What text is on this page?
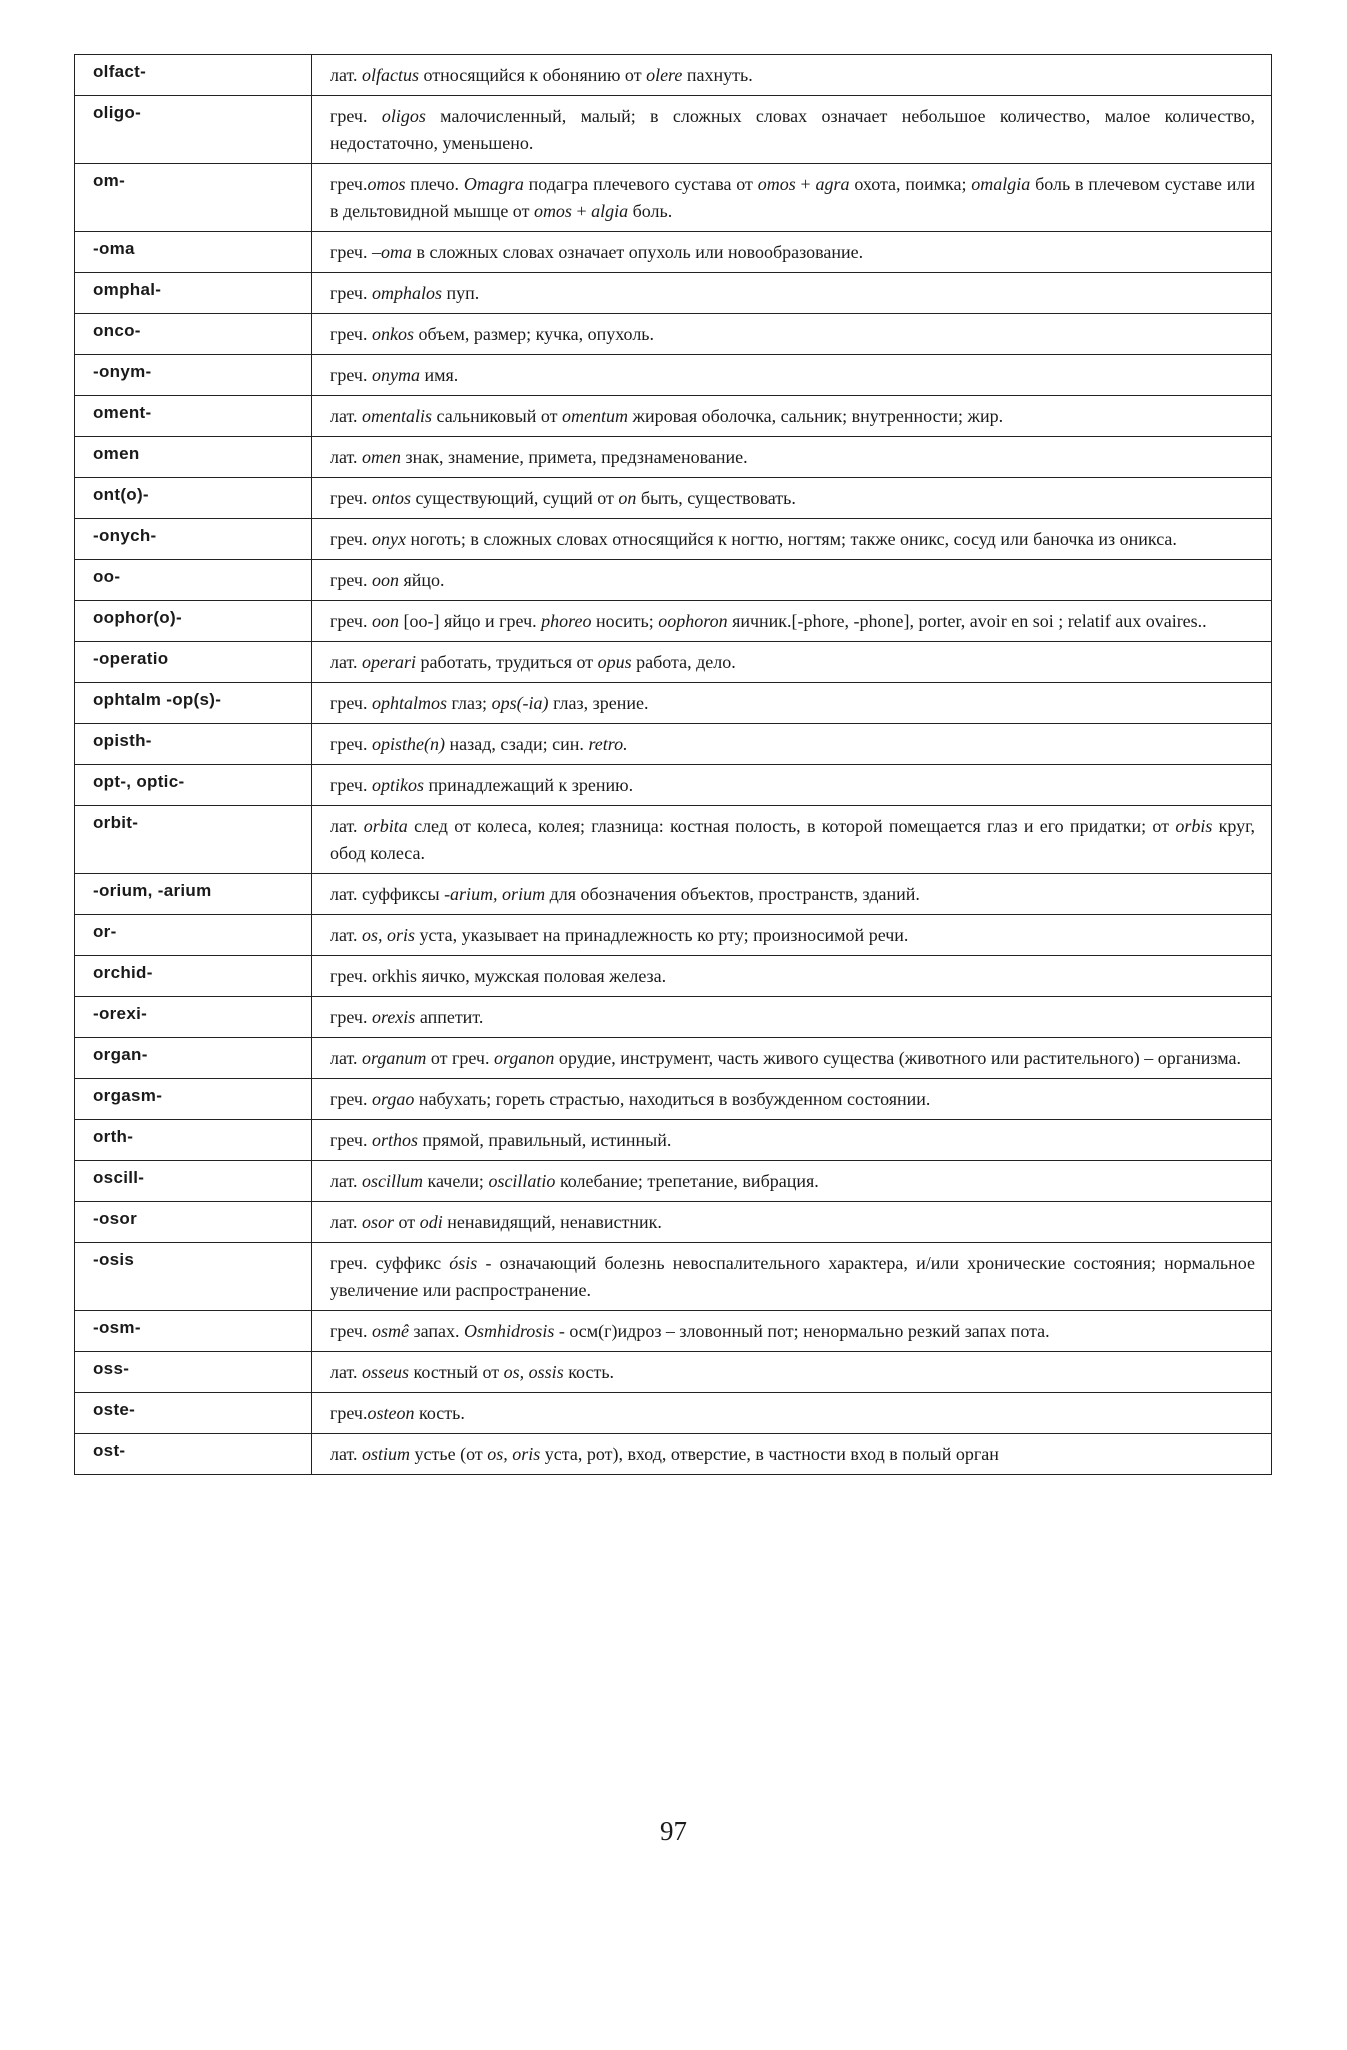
olfact-	лат. olfactus относящийся к обонянию от olere пахнуть.
oligo-	греч. oligos малочисленный, малый; в сложных словах означает небольшое количество, малое количество, недостаточно, уменьшено.
om-	греч.omos плечо. Omagra подагра плечевого сустава от omos + agra охота, поимка; omalgia боль в плечевом суставе или в дельтовидной мышце от omos + algia боль.
-oma	греч. –oma в сложных словах означает опухоль или новообразование.
omphal-	греч. omphalos пуп.
onco-	греч. onkos объем, размер; кучка, опухоль.
-onym-	греч. onyma имя.
oment-	лат. omentalis сальниковый от omentum жировая оболочка, сальник; внутренности; жир.
omen	лат. omen знак, знамение, примета, предзнаменование.
ont(o)-	греч. ontos существующий, сущий от on быть, существовать.
-onych-	греч. onyx ноготь; в сложных словах относящийся к ногтю, ногтям; также оникс, сосуд или баночка из оникса.
oo-	греч. oon яйцо.
oophor(o)-	греч. oon [oo-] яйцо и греч. phoreo носить; oophoron яичник.[-phore, -phone], porter, avoir en soi ; relatif aux ovaires..
-operatio	лат. operari работать, трудиться от opus работа, дело.
ophtalm -op(s)-	греч. ophtalmos глаз; ops(-ia) глаз, зрение.
opisth-	греч. opisthe(n) назад, сзади; син. retro.
opt-, optic-	греч. optikos принадлежащий к зрению.
orbit-	лат. orbita след от колеса, колея; глазница: костная полость, в которой помещается глаз и его придатки; от orbis круг, обод колеса.
-orium, -arium	лат. суффиксы -arium, orium для обозначения объектов, пространств, зданий.
or-	лат. os, oris уста, указывает на принадлежность ко рту; произносимой речи.
orchid-	греч. orkhis яичко, мужская половая железа.
-orexi-	греч. orexis аппетит.
organ-	лат. organum от греч. organon орудие, инструмент, часть живого существа (животного или растительного) – организма.
orgasm-	греч. orgao набухать; гореть страстью, находиться в возбужденном состоянии.
orth-	греч. orthos прямой, правильный, истинный.
oscill-	лат. oscillum качели; oscillatio колебание; трепетание, вибрация.
-osor	лат. osor от odi ненавидящий, ненавистник.
-osis	греч. суффикс ósis - означающий болезнь невоспалительного характера, и/или хронические состояния; нормальное увеличение или распространение.
-osm-	греч. osmê запах. Osmhidrosis - осм(г)идроз – зловонный пот; ненормально резкий запах пота.
oss-	лат. osseus костный от os, ossis кость.
oste-	греч.osteon кость.
ost-	лат. ostium устье (от os, oris уста, рот), вход, отверстие, в частности вход в полый орган
97
